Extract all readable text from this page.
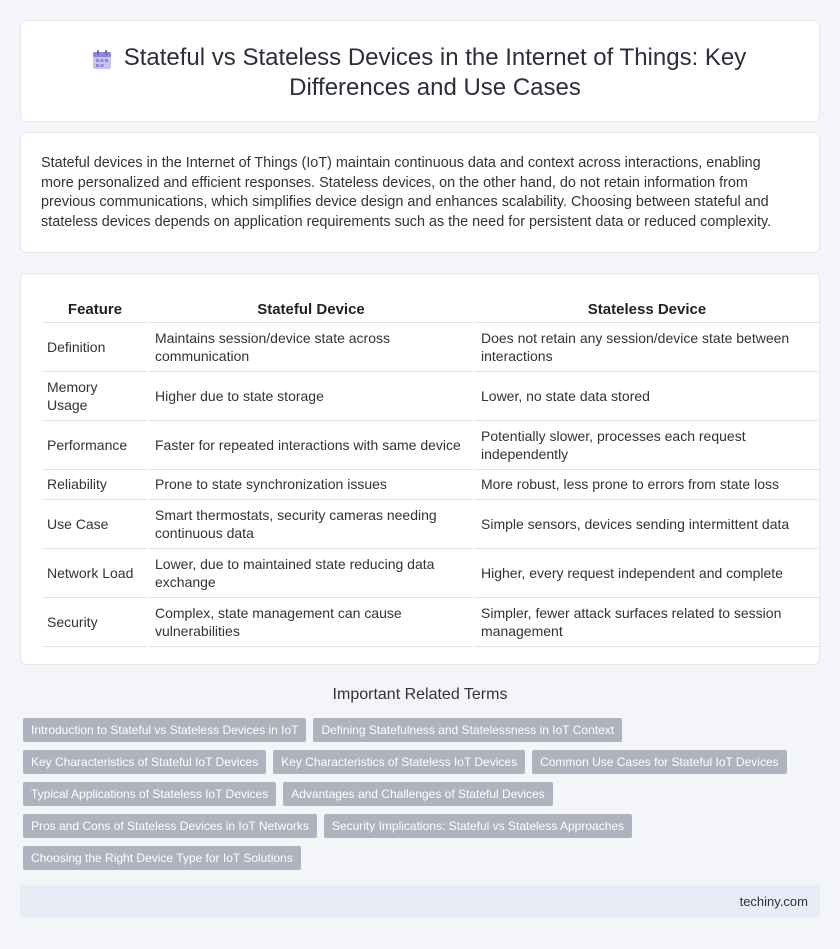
Stateful vs Stateless Devices in the Internet of Things: Key Differences and Use Cases

Stateful devices in the Internet of Things (IoT) maintain continuous data and context across interactions, enabling more personalized and efficient responses. Stateless devices, on the other hand, do not retain information from previous communications, which simplifies device design and enhances scalability. Choosing between stateful and stateless devices depends on application requirements such as the need for persistent data or reduced complexity.

Feature	Stateful Device	Stateless Device
Definition	Maintains session/device state across communication	Does not retain any session/device state between interactions
Memory Usage	Higher due to state storage	Lower, no state data stored
Performance	Faster for repeated interactions with same device	Potentially slower, processes each request independently
Reliability	Prone to state synchronization issues	More robust, less prone to errors from state loss
Use Case	Smart thermostats, security cameras needing continuous data	Simple sensors, devices sending intermittent data
Network Load	Lower, due to maintained state reducing data exchange	Higher, every request independent and complete
Security	Complex, state management can cause vulnerabilities	Simpler, fewer attack surfaces related to session management
Important Related Terms
Introduction to Stateful vs Stateless Devices in IoT	Defining Statefulness and Statelessness in IoT Context
Key Characteristics of Stateful IoT Devices	Key Characteristics of Stateless IoT Devices	Common Use Cases for Stateful IoT Devices
Typical Applications of Stateless IoT Devices	Advantages and Challenges of Stateful Devices
Pros and Cons of Stateless Devices in IoT Networks	Security Implications: Stateful vs Stateless Approaches
Choosing the Right Device Type for IoT Solutions
techiny.com
